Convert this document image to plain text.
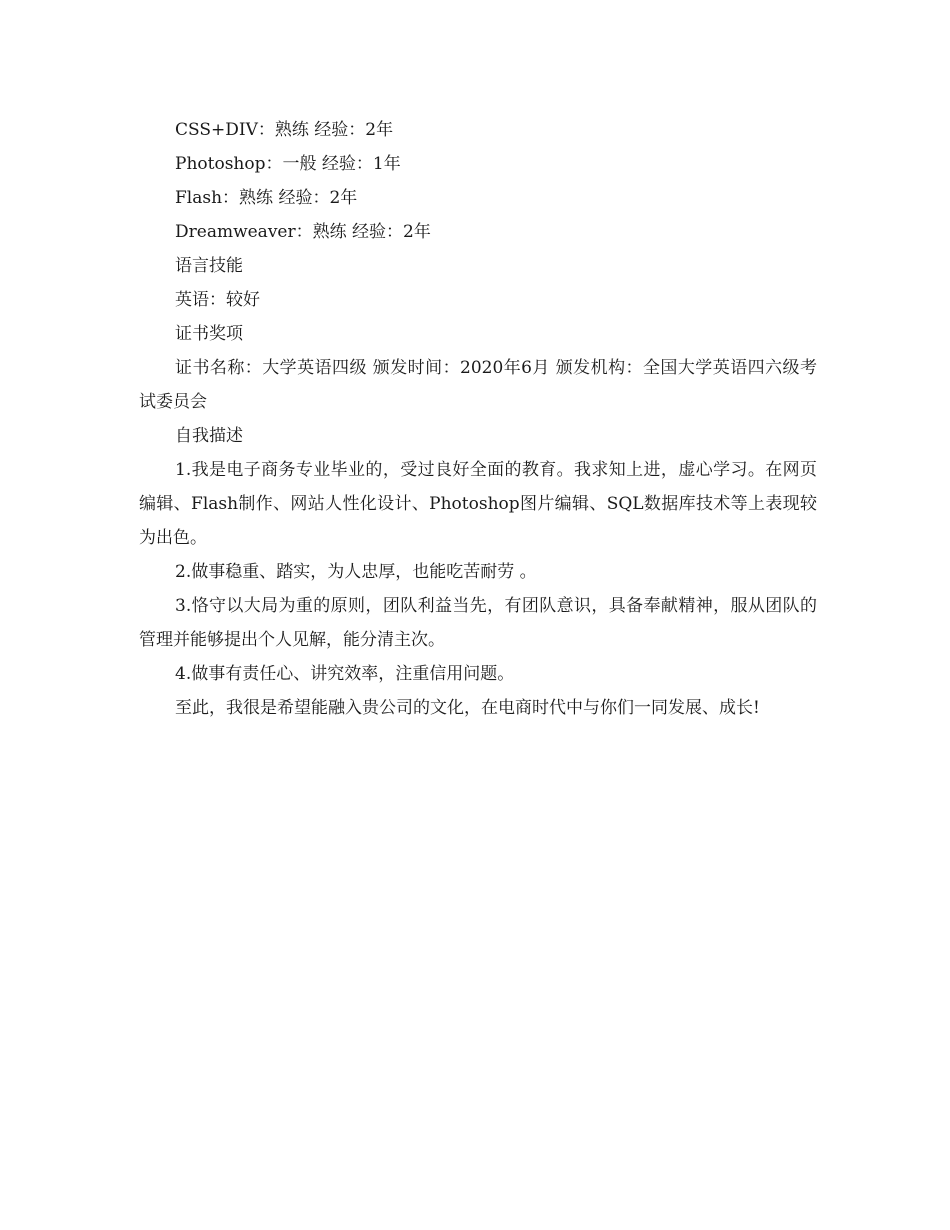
CSS+DIV：熟练 经验：2年

Photoshop：一般 经验：1年

Flash：熟练 经验：2年

Dreamweaver：熟练 经验：2年

语言技能

英语：较好

证书奖项

证书名称：大学英语四级 颁发时间：2020年6月 颁发机构：全国大学英语四六级考试委员会

自我描述

1.我是电子商务专业毕业的，受过良好全面的教育。我求知上进，虚心学习。在网页编辑、Flash制作、网站人性化设计、Photoshop图片编辑、SQL数据库技术等上表现较为出色。

2.做事稳重、踏实，为人忠厚，也能吃苦耐劳 。

3.恪守以大局为重的原则，团队利益当先，有团队意识，具备奉献精神，服从团队的管理并能够提出个人见解，能分清主次。

4.做事有责任心、讲究效率，注重信用问题。

至此，我很是希望能融入贵公司的文化，在电商时代中与你们一同发展、成长!
